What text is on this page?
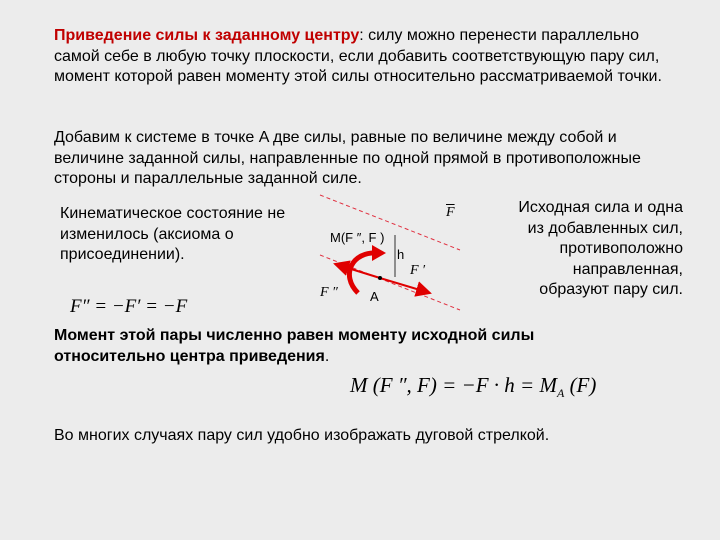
Приведение силы к заданному центру: силу можно перенести параллельно самой себе в любую точку плоскости, если добавить соответствующую пару сил, момент которой равен моменту этой силы относительно рассматриваемой точки.

Добавим к системе в точке A две силы, равные по величине между собой и величине заданной силы, направленные по одной прямой в противоположные стороны и параллельные заданной силе.

Кинематическое состояние не изменилось (аксиома о присоединении).

Исходная сила и одна из добавленных сил, противоположно направленная, образуют пару сил.

F″ = −F′ = −F
$\overline{F}$
M(F ″, F )
h
F ′
F ″ A

Момент этой пары численно равен моменту исходной силы относительно центра приведения.

M (F ″, $F) = -F \cdot h = M_A$ (F)

Во многих случаях пару сил удобно изображать дуговой стрелкой.
